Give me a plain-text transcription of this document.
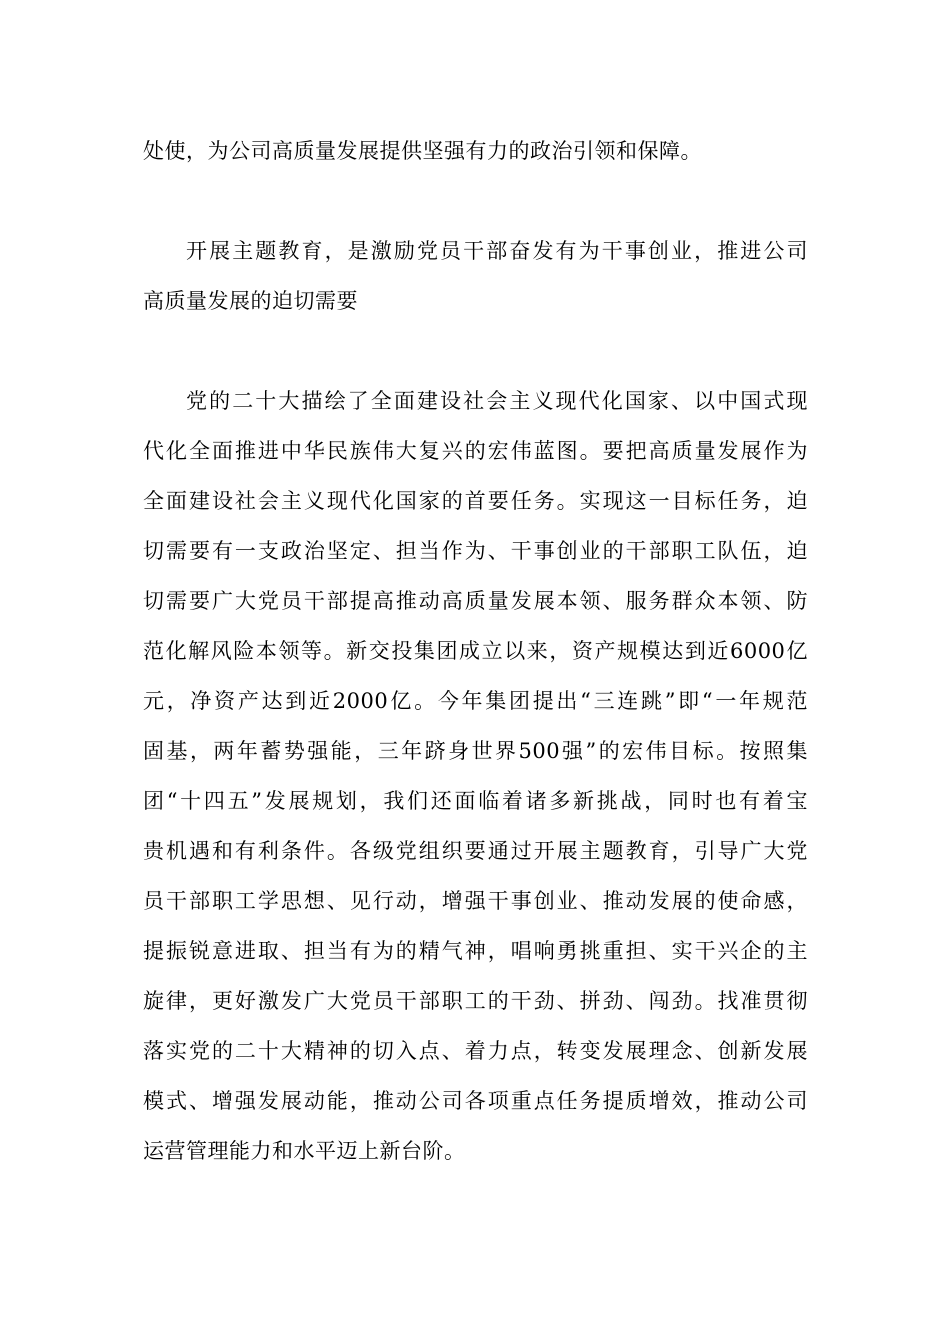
处使，为公司高质量发展提供坚强有力的政治引领和保障。
开展主题教育，是激励党员干部奋发有为干事创业，推进公司
高质量发展的迫切需要
党的二十大描绘了全面建设社会主义现代化国家、以中国式现
代化全面推进中华民族伟大复兴的宏伟蓝图。要把高质量发展作为
全面建设社会主义现代化国家的首要任务。实现这一目标任务，迫
切需要有一支政治坚定、担当作为、干事创业的干部职工队伍，迫
切需要广大党员干部提高推动高质量发展本领、服务群众本领、防
范化解风险本领等。新交投集团成立以来，资产规模达到近6000亿
元，净资产达到近2000亿。今年集团提出“三连跳”即“一年规范
固基，两年蓄势强能，三年跻身世界500强”的宏伟目标。按照集
团“十四五”发展规划，我们还面临着诸多新挑战，同时也有着宝
贵机遇和有利条件。各级党组织要通过开展主题教育，引导广大党
员干部职工学思想、见行动，增强干事创业、推动发展的使命感，
提振锐意进取、担当有为的精气神，唱响勇挑重担、实干兴企的主
旋律，更好激发广大党员干部职工的干劲、拼劲、闯劲。找准贯彻
落实党的二十大精神的切入点、着力点，转变发展理念、创新发展
模式、增强发展动能，推动公司各项重点任务提质增效，推动公司
运营管理能力和水平迈上新台阶。
